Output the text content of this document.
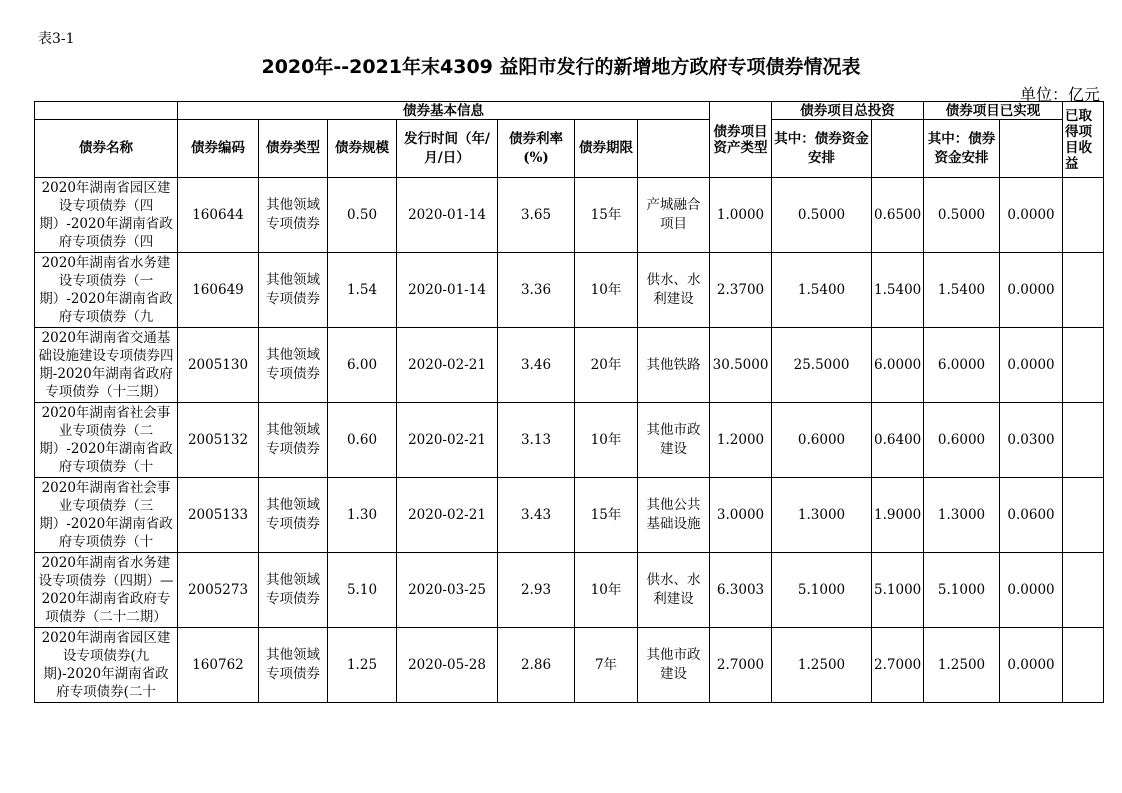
表3-1
2020年--2021年末4309 益阳市发行的新增地方政府专项债券情况表
单位：亿元
	债券基本信息							债券项目资产类型	债券项目总投资		债券项目已实现		已取得项目收益	
债券名称	债券编码	债券类型	债券规模	发行时间（年/月/日）	债券利率(%)	债券期限			其中：债券资金安排		其中：债券资金安排			

2020年湖南省园区建设专项债券（四期）-2020年湖南省政府专项债券（四	160644	其他领域专项债券	0.50	2020-01-14	3.65	15年	产城融合项目	1.0000	0.5000	0.6500	0.5000	0.0000		

2020年湖南省水务建设专项债券（一期）-2020年湖南省政府专项债券（九	160649	其他领域专项债券	1.54	2020-01-14	3.36	10年	供水、水利建设	2.3700	1.5400	1.5400	1.5400	0.0000		

2020年湖南省交通基础设施建设专项债券四期-2020年湖南省政府专项债券（十三期）	2005130	其他领域专项债券	6.00	2020-02-21	3.46	20年	其他铁路	30.5000	25.5000	6.0000	6.0000	0.0000		

2020年湖南省社会事业专项债券（二期）-2020年湖南省政府专项债券（十	2005132	其他领域专项债券	0.60	2020-02-21	3.13	10年	其他市政建设	1.2000	0.6000	0.6400	0.6000	0.0300		

2020年湖南省社会事业专项债券（三期）-2020年湖南省政府专项债券（十	2005133	其他领域专项债券	1.30	2020-02-21	3.43	15年	其他公共基础设施	3.0000	1.3000	1.9000	1.3000	0.0600		

2020年湖南省水务建设专项债券（四期）—2020年湖南省政府专项债券（二十二期）	2005273	其他领域专项债券	5.10	2020-03-25	2.93	10年	供水、水利建设	6.3003	5.1000	5.1000	5.1000	0.0000		

2020年湖南省园区建设专项债券(九期)-2020年湖南省政府专项债券(二十	160762	其他领域专项债券	1.25	2020-05-28	2.86	7年	其他市政建设	2.7000	1.2500	2.7000	1.2500	0.0000		
